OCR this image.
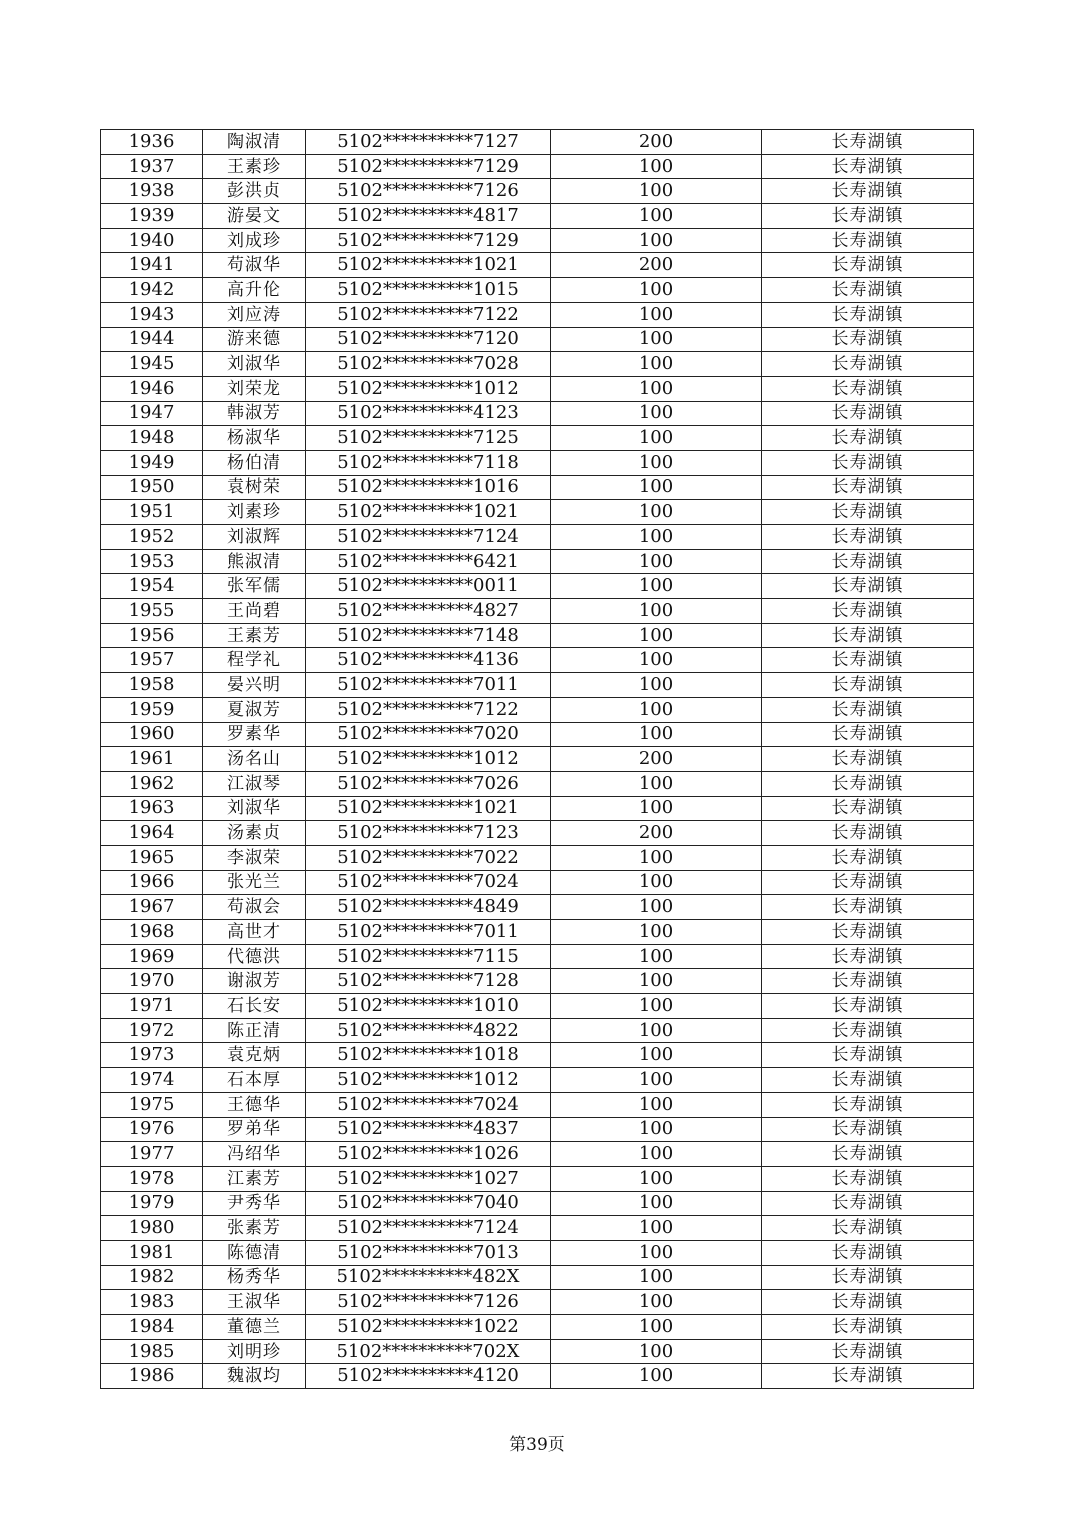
1936	陶淑清	5102**********7127	200	长寿湖镇
1937	王素珍	5102**********7129	100	长寿湖镇
1938	彭洪贞	5102**********7126	100	长寿湖镇
1939	游晏文	5102**********4817	100	长寿湖镇
1940	刘成珍	5102**********7129	100	长寿湖镇
1941	苟淑华	5102**********1021	200	长寿湖镇
1942	高升伦	5102**********1015	100	长寿湖镇
1943	刘应涛	5102**********7122	100	长寿湖镇
1944	游来德	5102**********7120	100	长寿湖镇
1945	刘淑华	5102**********7028	100	长寿湖镇
1946	刘荣龙	5102**********1012	100	长寿湖镇
1947	韩淑芳	5102**********4123	100	长寿湖镇
1948	杨淑华	5102**********7125	100	长寿湖镇
1949	杨伯清	5102**********7118	100	长寿湖镇
1950	袁树荣	5102**********1016	100	长寿湖镇
1951	刘素珍	5102**********1021	100	长寿湖镇
1952	刘淑辉	5102**********7124	100	长寿湖镇
1953	熊淑清	5102**********6421	100	长寿湖镇
1954	张军儒	5102**********0011	100	长寿湖镇
1955	王尚碧	5102**********4827	100	长寿湖镇
1956	王素芳	5102**********7148	100	长寿湖镇
1957	程学礼	5102**********4136	100	长寿湖镇
1958	晏兴明	5102**********7011	100	长寿湖镇
1959	夏淑芳	5102**********7122	100	长寿湖镇
1960	罗素华	5102**********7020	100	长寿湖镇
1961	汤名山	5102**********1012	200	长寿湖镇
1962	江淑琴	5102**********7026	100	长寿湖镇
1963	刘淑华	5102**********1021	100	长寿湖镇
1964	汤素贞	5102**********7123	200	长寿湖镇
1965	李淑荣	5102**********7022	100	长寿湖镇
1966	张光兰	5102**********7024	100	长寿湖镇
1967	苟淑会	5102**********4849	100	长寿湖镇
1968	高世才	5102**********7011	100	长寿湖镇
1969	代德洪	5102**********7115	100	长寿湖镇
1970	谢淑芳	5102**********7128	100	长寿湖镇
1971	石长安	5102**********1010	100	长寿湖镇
1972	陈正清	5102**********4822	100	长寿湖镇
1973	袁克炳	5102**********1018	100	长寿湖镇
1974	石本厚	5102**********1012	100	长寿湖镇
1975	王德华	5102**********7024	100	长寿湖镇
1976	罗弟华	5102**********4837	100	长寿湖镇
1977	冯绍华	5102**********1026	100	长寿湖镇
1978	江素芳	5102**********1027	100	长寿湖镇
1979	尹秀华	5102**********7040	100	长寿湖镇
1980	张素芳	5102**********7124	100	长寿湖镇
1981	陈德清	5102**********7013	100	长寿湖镇
1982	杨秀华	5102**********482X	100	长寿湖镇
1983	王淑华	5102**********7126	100	长寿湖镇
1984	董德兰	5102**********1022	100	长寿湖镇
1985	刘明珍	5102**********702X	100	长寿湖镇
1986	魏淑均	5102**********4120	100	长寿湖镇
第39页
